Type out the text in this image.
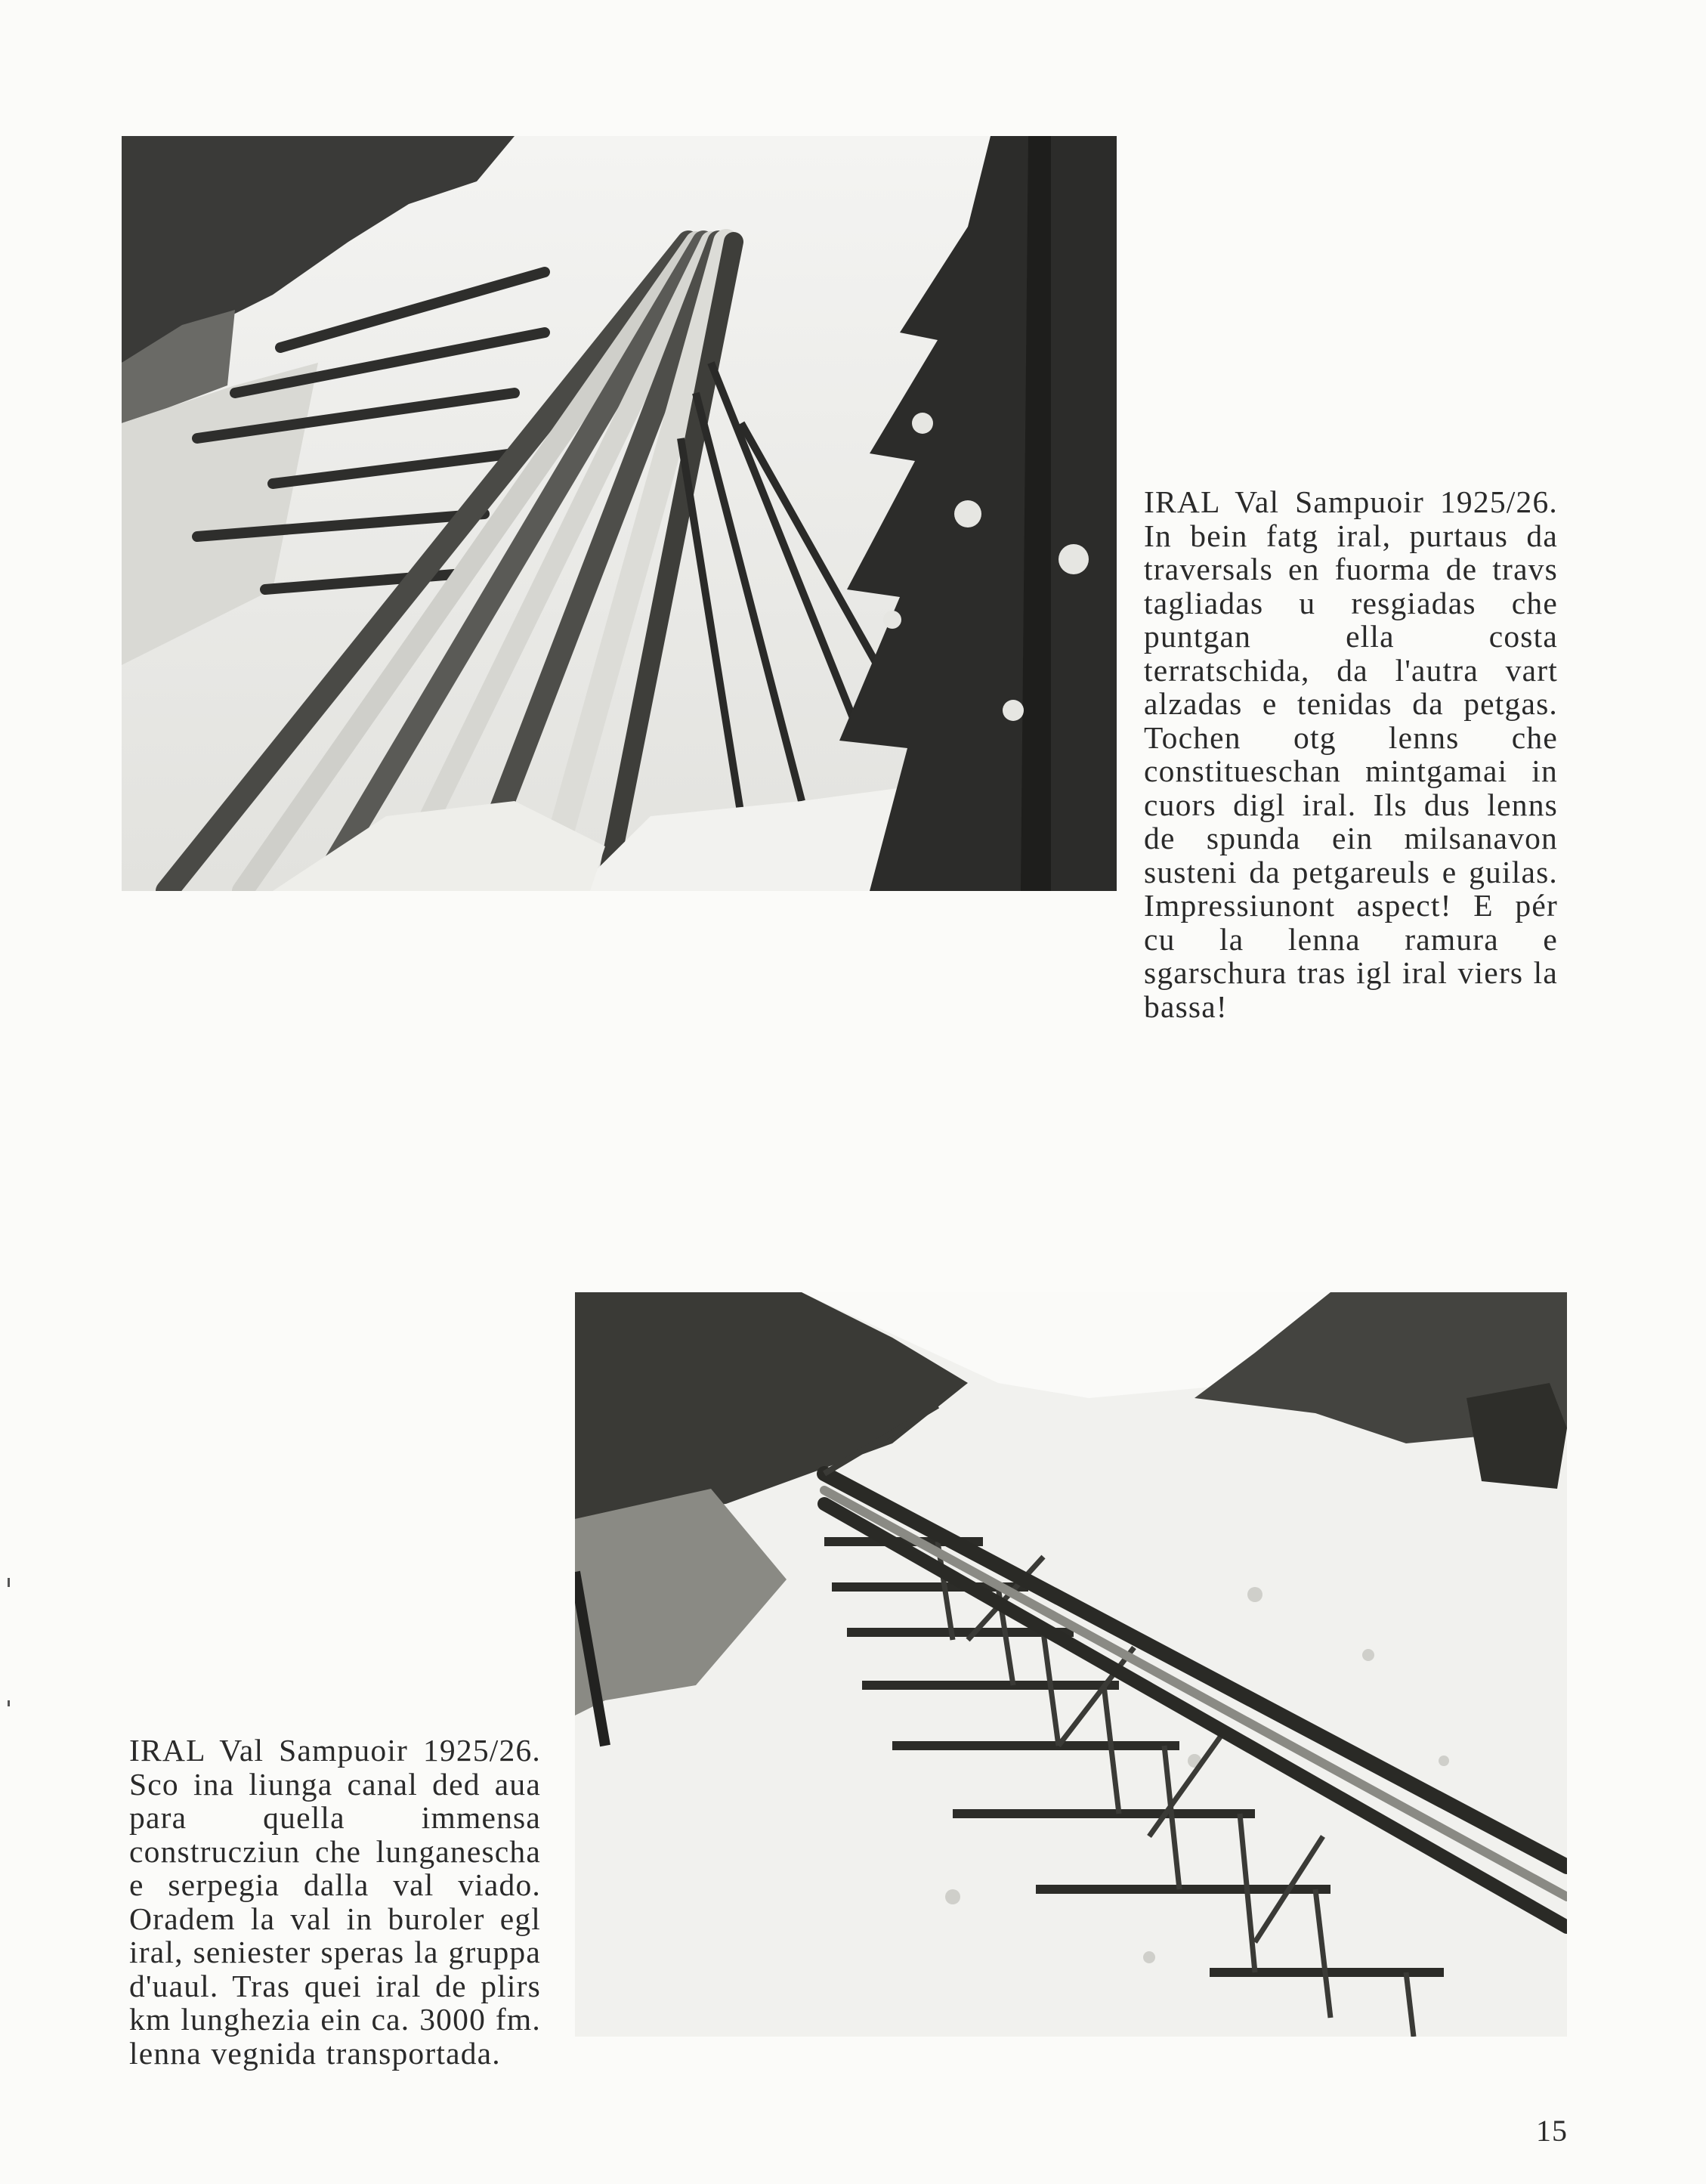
IRAL Val Sampuoir 1925/26. In bein fatg iral, purtaus da traversals en fuorma de travs tagliadas u resgiadas che puntgan ella costa terratschida, da l'autra vart alzadas e tenidas da petgas. Tochen otg lenns che constitueschan mintgamai in cuors digl iral. Ils dus lenns de spunda ein milsanavon susteni da petgareuls e guilas. Impressiunont aspect! E pér cu la lenna ramura e sgarschura tras igl iral viers la bassa!

IRAL Val Sampuoir 1925/26. Sco ina liunga canal ded aua para quella immensa construcziun che lunganescha e serpegia dalla val viado. Oradem la val in buroler egl iral, seniester speras la gruppa d'uaul. Tras quei iral de plirs km lunghezia ein ca. 3000 fm. lenna vegnida transportada.

15
